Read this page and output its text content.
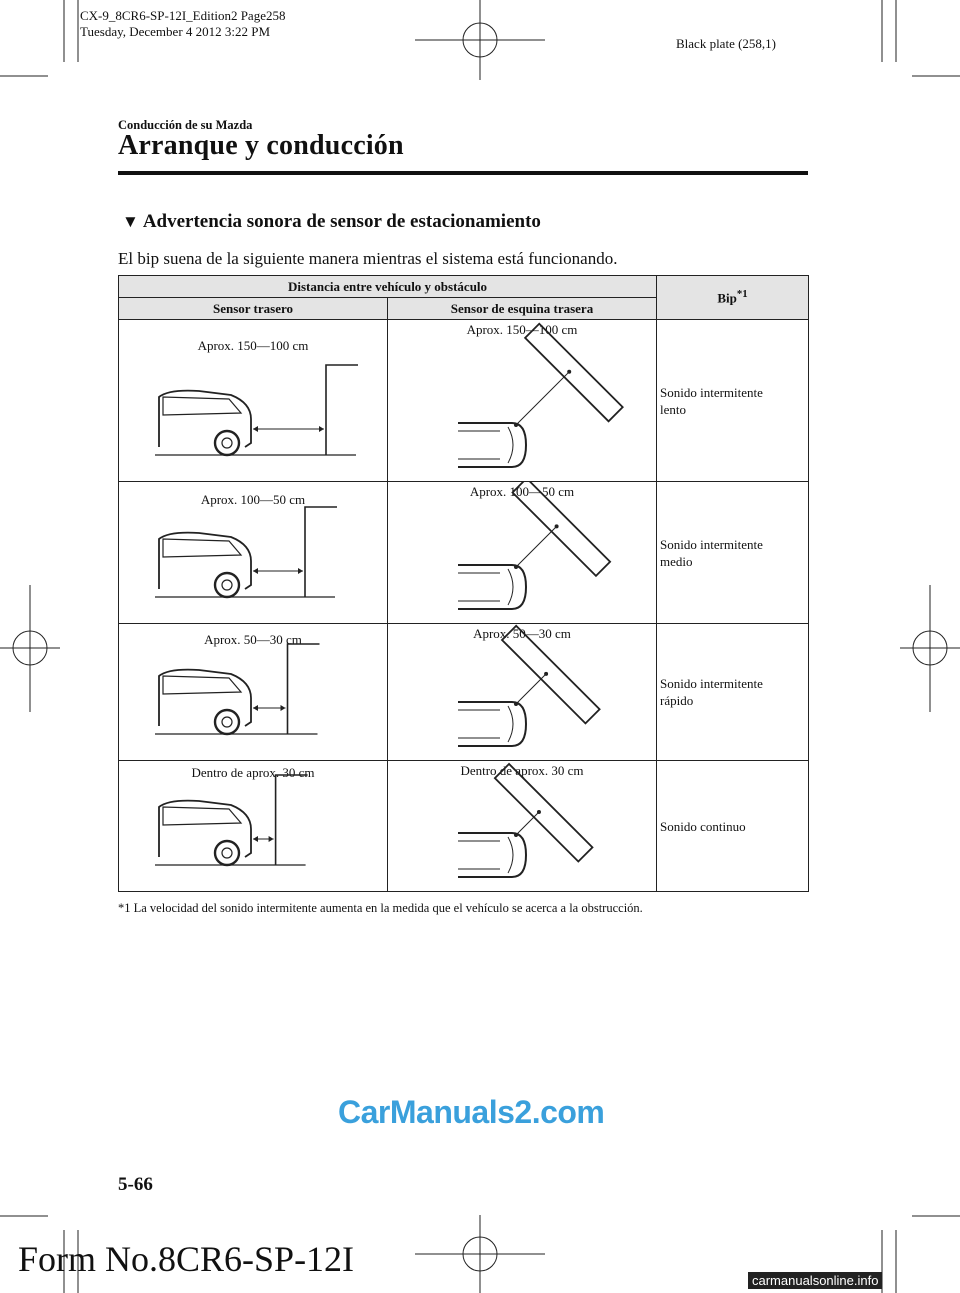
CX-9_8CR6-SP-12I_Edition2 Page258
Tuesday, December 4 2012 3:22 PM
Black plate (258,1)
Conducción de su Mazda
Arranque y conducción
▼ Advertencia sonora de sensor de estacionamiento
El bip suena de la siguiente manera mientras el sistema está funcionando.
Distancia entre vehículo y obstáculo		Bip$^{*1}$
Sensor trasero	Sensor de esquina trasera	

Aprox. 150―100 cm	Aprox. 150―100 cm	Sonido intermitente
lento

Aprox. 100―50 cm	Aprox. 100―50 cm	Sonido intermitente
medio

Aprox. 50―30 cm	Aprox. 50―30 cm	Sonido intermitente
rápido

Dentro de aprox. 30 cm	Dentro de aprox. 30 cm	Sonido continuo
*1 La velocidad del sonido intermitente aumenta en la medida que el vehículo se acerca a la obstrucción.
CarManuals2.com
5-66
Form No.8CR6-SP-12I
carmanualsonline.info
